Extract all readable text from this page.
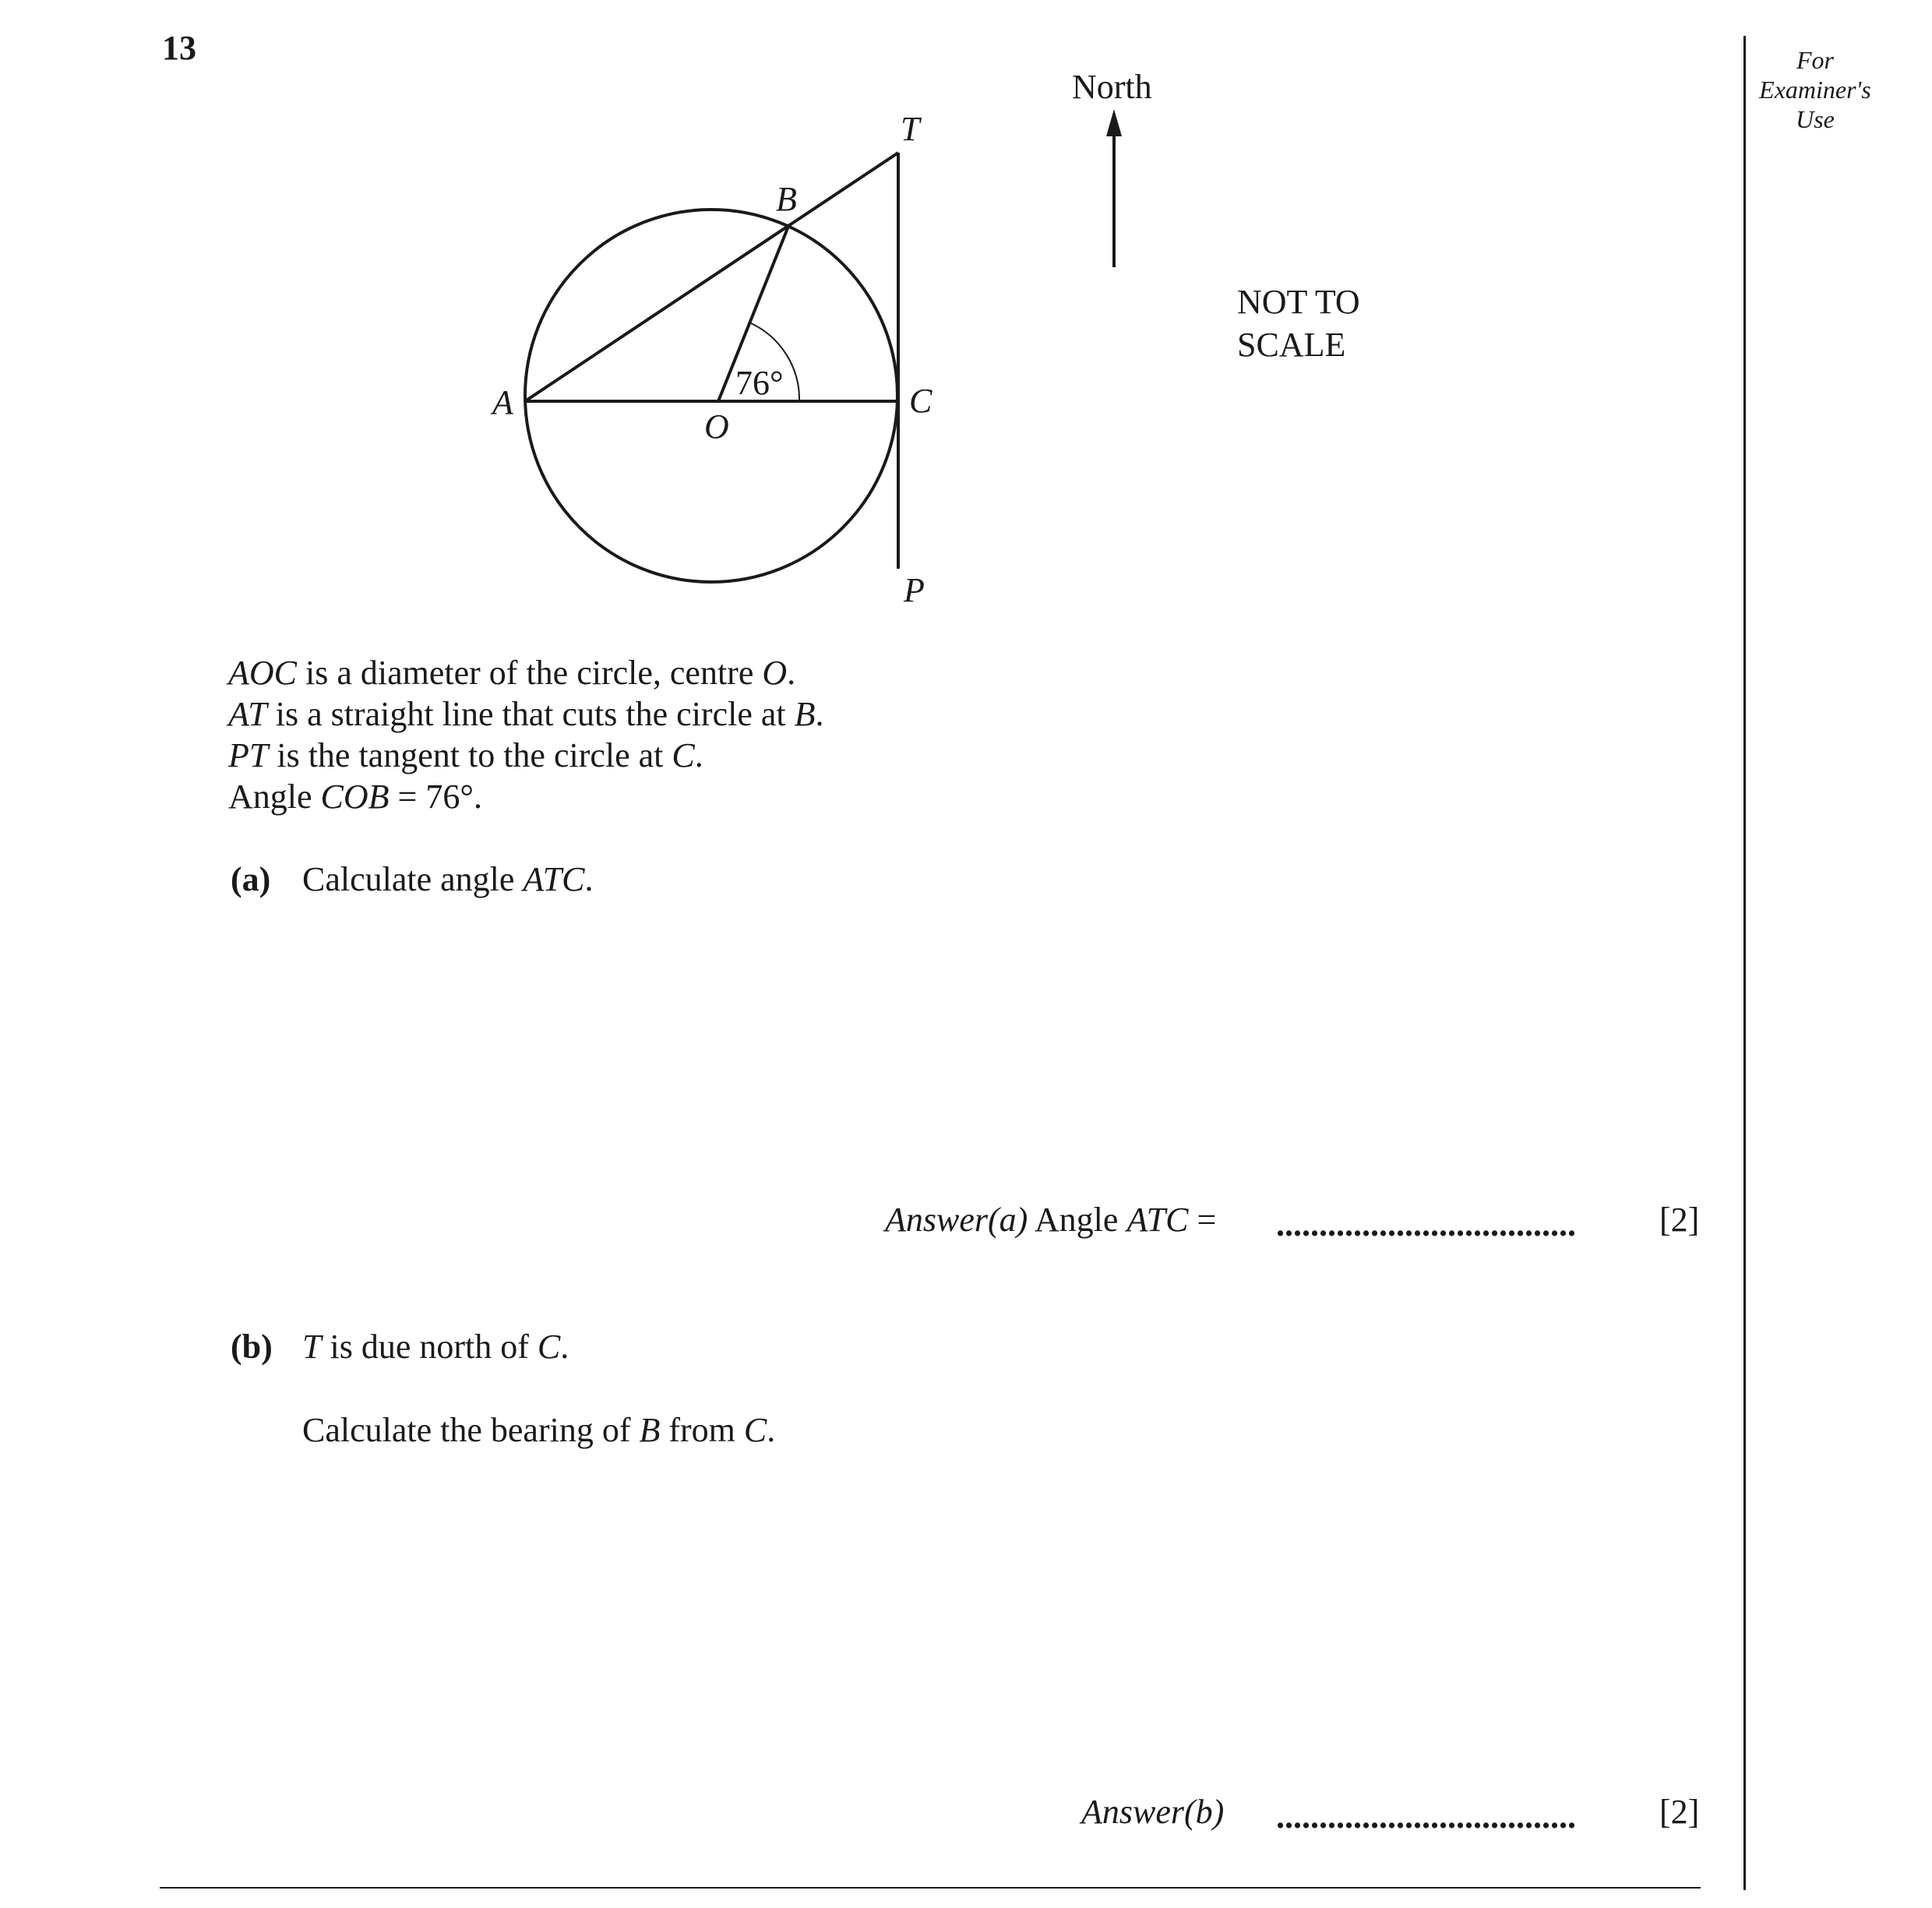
13	For
Examiner's
Use
T
B
A
O
C
P
76°
North
NOT TO
SCALE
AOC is a diameter of the circle, centre O.
AT is a straight line that cuts the circle at B.
PT is the tangent to the circle at C.
Angle COB = 76°.
(a) Calculate angle ATC.
Answer(a) Angle ATC = ................................... [2]
(b) T is due north of C.
Calculate the bearing of B from C.
Answer(b) ................................... [2]
